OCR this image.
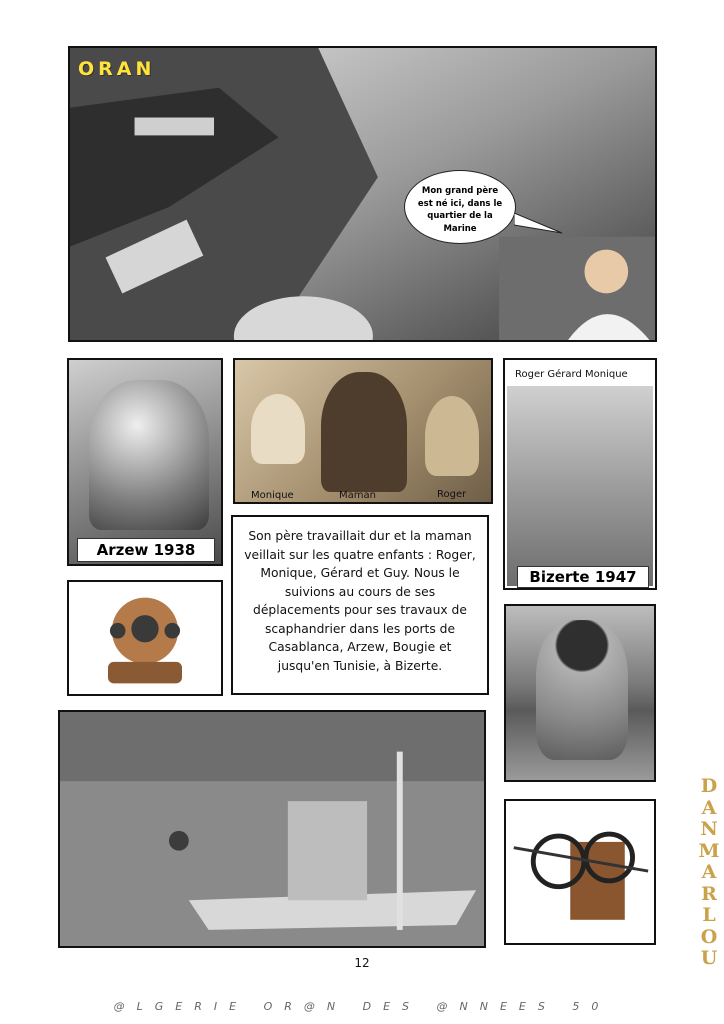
ORAN
Mon grand père est né ici, dans le quartier de la Marine
Arzew 1938
Monique	Maman	Roger
Roger Gérard Monique
Bizerte 1947
Son père travaillait dur et la maman veillait sur les quatre enfants : Roger, Monique, Gérard et Guy. Nous le suivions au cours de ses déplacements pour ses travaux de scaphandrier dans les ports de Casablanca, Arzew, Bougie et jusqu'en Tunisie, à Bizerte.
12
DANMARLOU
@LGERIE OR@N DES @NNEES 50
